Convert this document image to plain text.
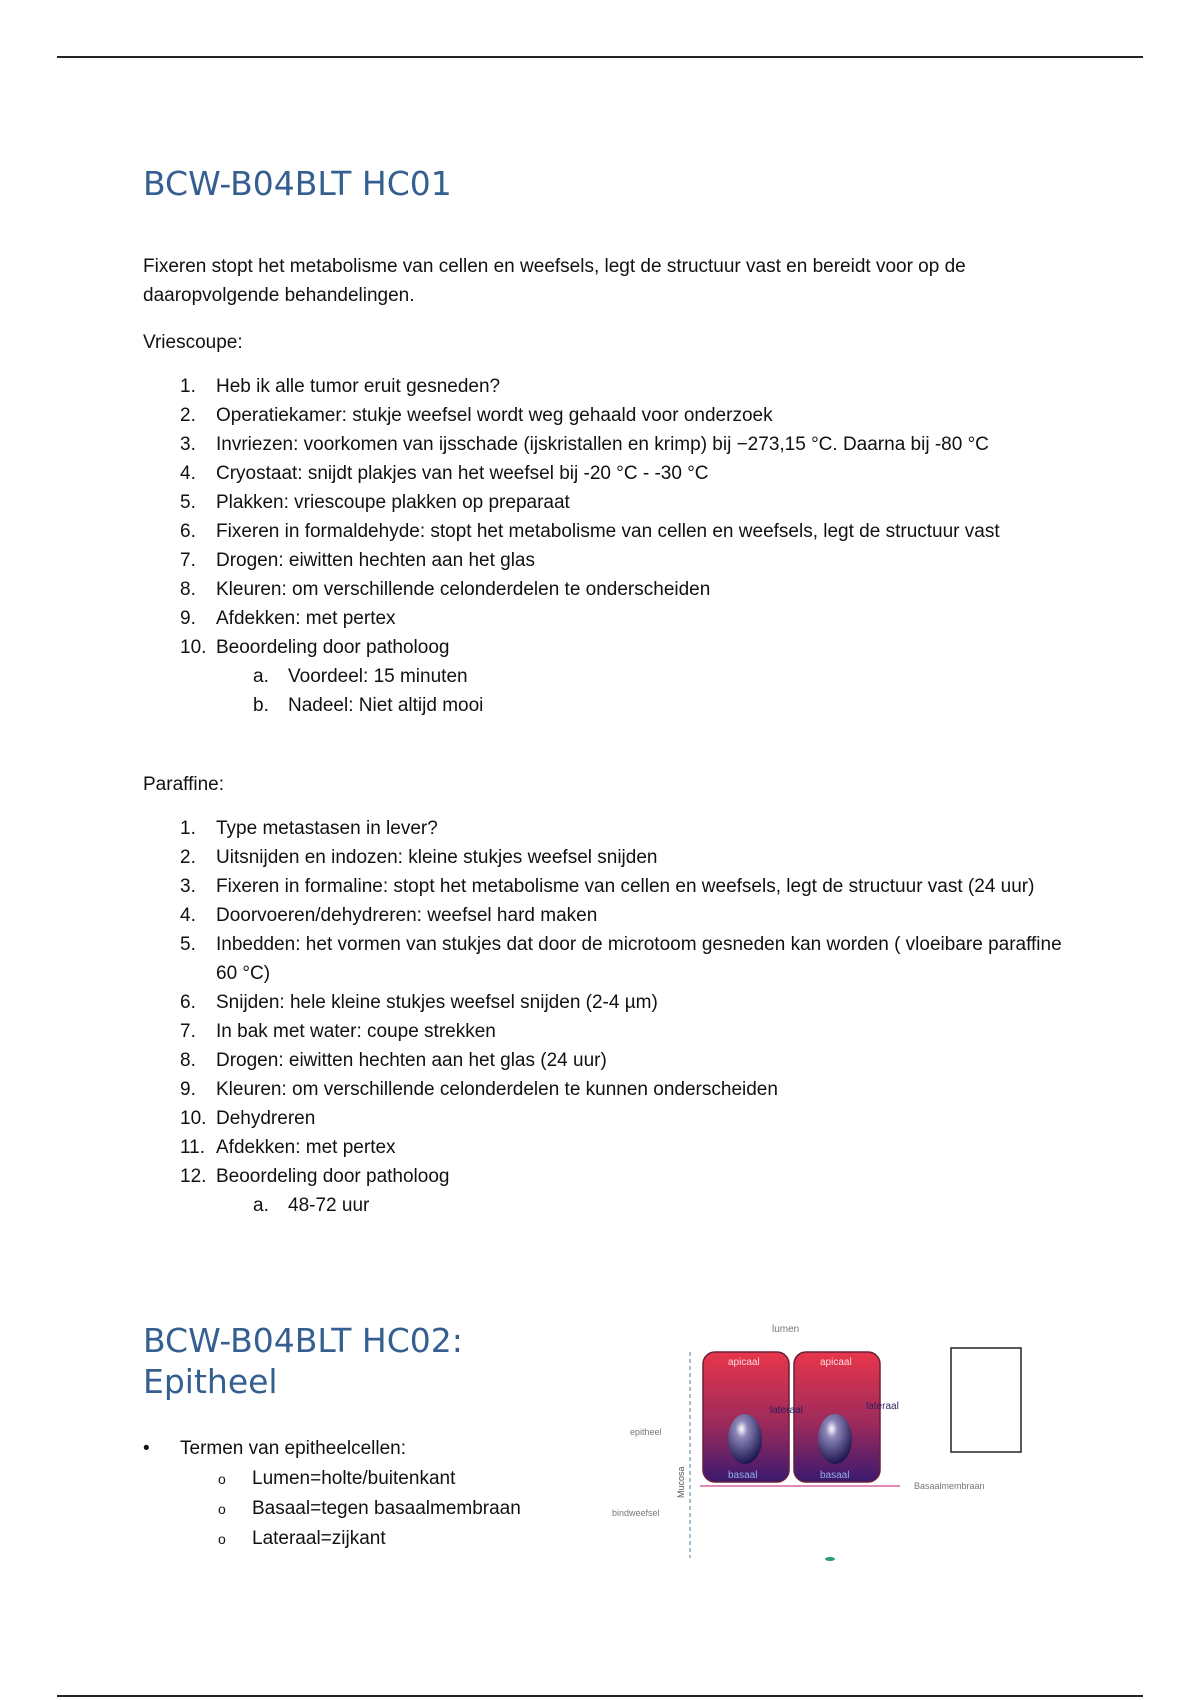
BCW-B04BLT HC01
Fixeren stopt het metabolisme van cellen en weefsels, legt de structuur vast en bereidt voor op de daaropvolgende behandelingen.
Vriescoupe:
1.	Heb ik alle tumor eruit gesneden?
2.	Operatiekamer: stukje weefsel wordt weg gehaald voor onderzoek
3.	Invriezen: voorkomen van ijsschade (ijskristallen en krimp) bij −273,15 °C. Daarna bij -80 °C
4.	Cryostaat: snijdt plakjes van het weefsel bij -20 °C - -30 °C
5.	Plakken: vriescoupe plakken op preparaat
6.	Fixeren in formaldehyde: stopt het metabolisme van cellen en weefsels, legt de structuur vast
7.	Drogen: eiwitten hechten aan het glas
8.	Kleuren: om verschillende celonderdelen te onderscheiden
9.	Afdekken: met pertex
10. Beoordeling door patholoog
a.	Voordeel: 15 minuten
b.	Nadeel: Niet altijd mooi
Paraffine:
1.	Type metastasen in lever?
2.	Uitsnijden en indozen: kleine stukjes weefsel snijden
3.	Fixeren in formaline: stopt het metabolisme van cellen en weefsels, legt de structuur vast (24 uur)
4.	Doorvoeren/dehydreren: weefsel hard maken
5.	Inbedden: het vormen van stukjes dat door de microtoom gesneden kan worden ( vloeibare paraffine 60 °C)
6.	Snijden: hele kleine stukjes weefsel snijden (2-4 µm)
7.	In bak met water: coupe strekken
8.	Drogen: eiwitten hechten aan het glas (24 uur)
9.	Kleuren: om verschillende celonderdelen te kunnen onderscheiden
10. Dehydreren
11. Afdekken: met pertex
12. Beoordeling door patholoog
a.	48-72 uur
BCW-B04BLT HC02:
Epitheel
• Termen van epitheelcellen:
o Lumen=holte/buitenkant
o Basaal=tegen basaalmembraan
o Lateraal=zijkant
lumen
apicaal	apicaal
lateraal	lateraal
basaal	basaal
Basaalmembraan
epitheel
bindweefsel
Mucosa
